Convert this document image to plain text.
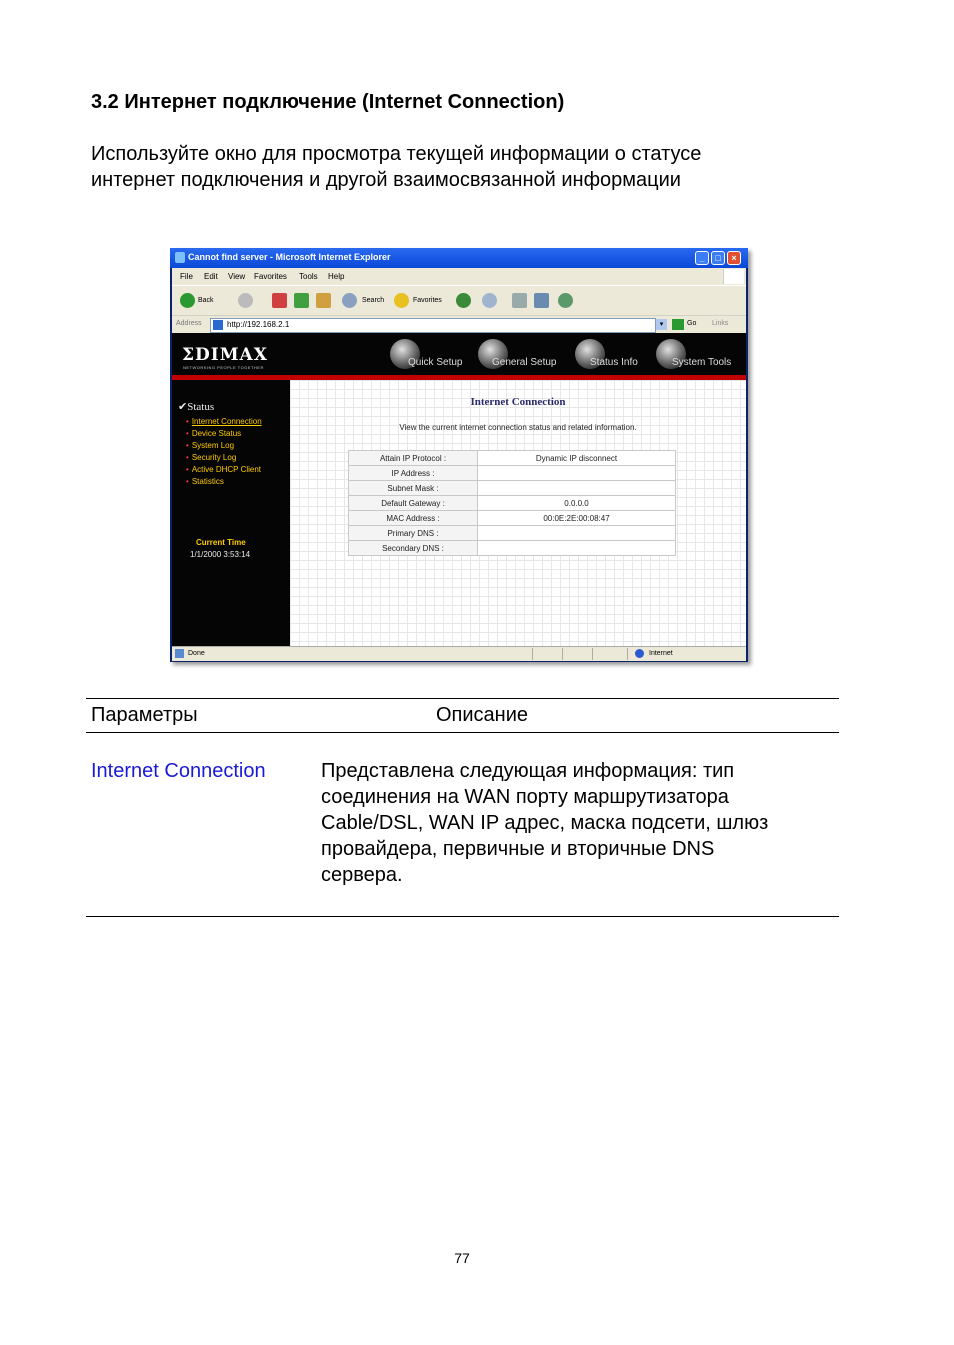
3.2 Интернет подключение (Internet Connection)
Используйте окно для просмотра текущей информации о статусе
интернет подключения и другой взаимосвязанной информации
Cannot find server - Microsoft Internet Explorer	_	□	×
File Edit View Favorites Tools Help
Back	Search	Favorites
Address	http://192.168.2.1	▾	Go Links
ΣDIMAX
NETWORKING PEOPLE TOGETHER	Quick Setup	General Setup	Status Info	System Tools
✔Status
• Internet Connection
• Device Status
• System Log
• Security Log
• Active DHCP Client
• Statistics
Current Time
1/1/2000 3:53:14
Internet Connection
View the current internet connection status and related information.
Attain IP Protocol :	Dynamic IP disconnect
IP Address :	
Subnet Mask :	
Default Gateway :	0.0.0.0
MAC Address :	00:0E:2E:00:08:47
Primary DNS :	
Secondary DNS :	
Done	Internet
Параметры	Описание
Internet Connection	Представлена следующая информация: тип
соединения на WAN порту маршрутизатора
Cable/DSL, WAN IP адрес, маска подсети, шлюз
провайдера, первичные и вторичные DNS
сервера.
77
